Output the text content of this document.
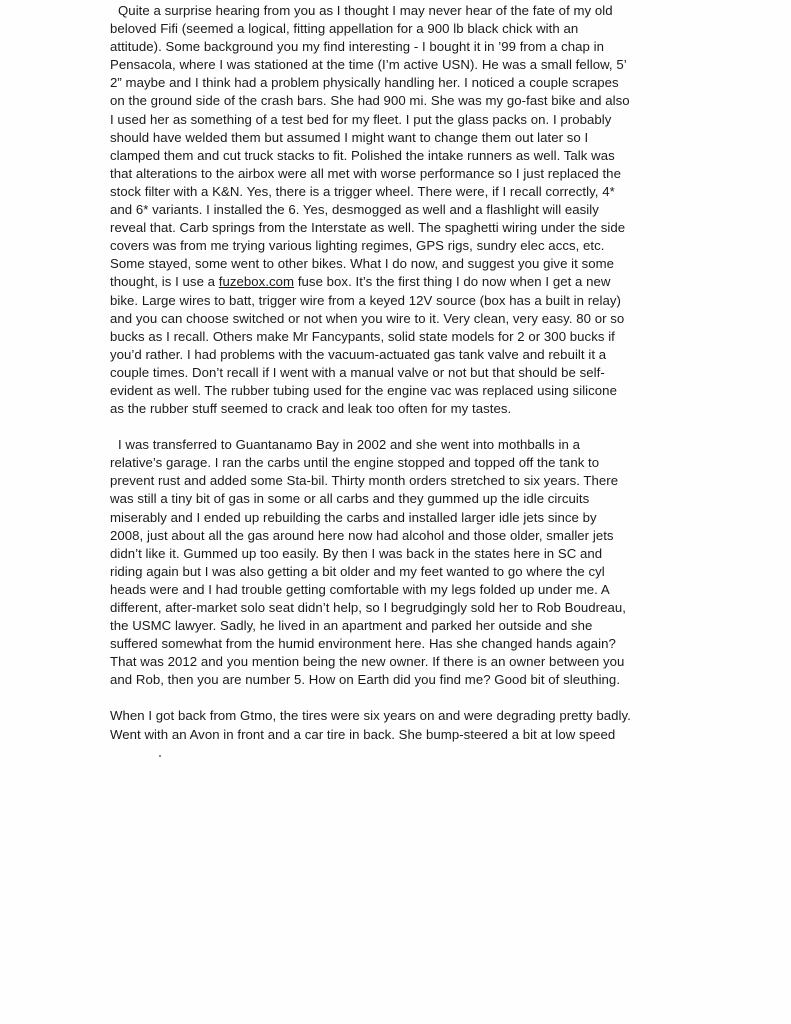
Quite a surprise hearing from you as I thought I may never hear of the fate of my old
beloved Fifi (seemed a logical, fitting appellation for a 900 lb black chick with an
attitude). Some background you my find interesting - I bought it in ’99 from a chap in
Pensacola, where I was stationed at the time (I’m active USN). He was a small fellow, 5’
2” maybe and I think had a problem physically handling her. I noticed a couple scrapes
on the ground side of the crash bars. She had 900 mi. She was my go-fast bike and also
I used her as something of a test bed for my fleet. I put the glass packs on. I probably
should have welded them but assumed I might want to change them out later so I
clamped them and cut truck stacks to fit. Polished the intake runners as well. Talk was
that alterations to the airbox were all met with worse performance so I just replaced the
stock filter with a K&N. Yes, there is a trigger wheel. There were, if I recall correctly, 4*
and 6* variants. I installed the 6. Yes, desmogged as well and a flashlight will easily
reveal that. Carb springs from the Interstate as well. The spaghetti wiring under the side
covers was from me trying various lighting regimes, GPS rigs, sundry elec accs, etc.
Some stayed, some went to other bikes. What I do now, and suggest you give it some
thought, is I use a fuzebox.com fuse box. It’s the first thing I do now when I get a new
bike. Large wires to batt, trigger wire from a keyed 12V source (box has a built in relay)
and you can choose switched or not when you wire to it. Very clean, very easy. 80 or so
bucks as I recall. Others make Mr Fancypants, solid state models for 2 or 300 bucks if
you’d rather. I had problems with the vacuum-actuated gas tank valve and rebuilt it a
couple times. Don’t recall if I went with a manual valve or not but that should be self-
evident as well. The rubber tubing used for the engine vac was replaced using silicone
as the rubber stuff seemed to crack and leak too often for my tastes.
I was transferred to Guantanamo Bay in 2002 and she went into mothballs in a
relative’s garage. I ran the carbs until the engine stopped and topped off the tank to
prevent rust and added some Sta-bil. Thirty month orders stretched to six years. There
was still a tiny bit of gas in some or all carbs and they gummed up the idle circuits
miserably and I ended up rebuilding the carbs and installed larger idle jets since by
2008, just about all the gas around here now had alcohol and those older, smaller jets
didn’t like it. Gummed up too easily. By then I was back in the states here in SC and
riding again but I was also getting a bit older and my feet wanted to go where the cyl
heads were and I had trouble getting comfortable with my legs folded up under me. A
different, after-market solo seat didn’t help, so I begrudgingly sold her to Rob Boudreau,
the USMC lawyer. Sadly, he lived in an apartment and parked her outside and she
suffered somewhat from the humid environment here. Has she changed hands again?
That was 2012 and you mention being the new owner. If there is an owner between you
and Rob, then you are number 5. How on Earth did you find me? Good bit of sleuthing.
When I got back from Gtmo, the tires were six years on and were degrading pretty badly.
Went with an Avon in front and a car tire in back. She bump-steered a bit at low speed
